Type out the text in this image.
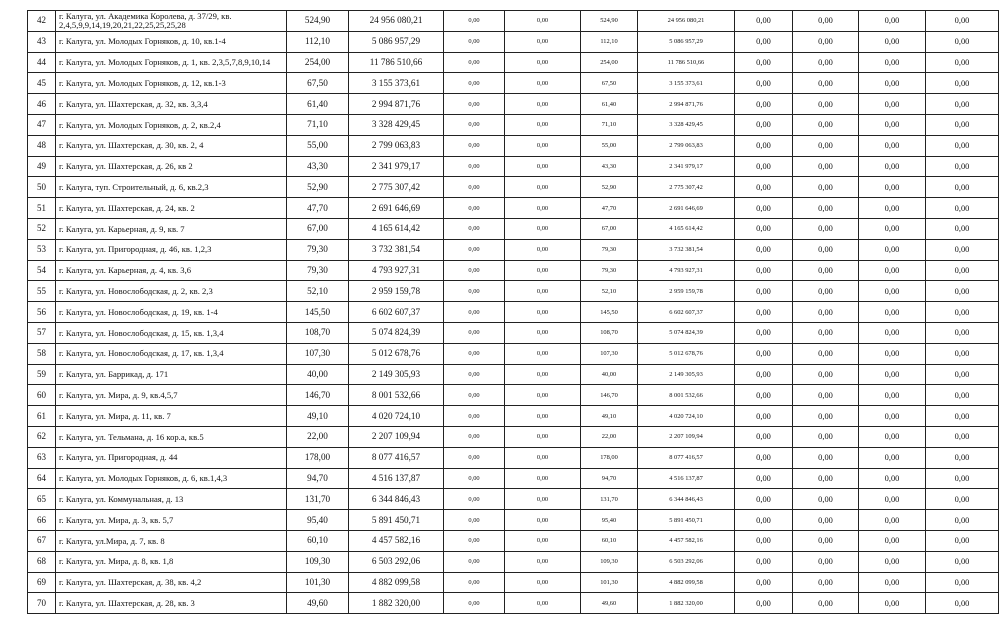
42	г. Калуга, ул. Академика Королева, д. 37/29, кв. 2,4,5,9,9,14,19,20,21,22,25,25,25,28	524,90	24 956 080,21	0,00	0,00	524,90	24 956 080,21	0,00	0,00	0,00	0,00
43	г. Калуга, ул. Молодых Горняков, д. 10, кв.1-4	112,10	5 086 957,29	0,00	0,00	112,10	5 086 957,29	0,00	0,00	0,00	0,00
44	г. Калуга, ул. Молодых Горняков, д. 1, кв. 2,3,5,7,8,9,10,14	254,00	11 786 510,66	0,00	0,00	254,00	11 786 510,66	0,00	0,00	0,00	0,00
45	г. Калуга, ул. Молодых Горняков, д. 12, кв.1-3	67,50	3 155 373,61	0,00	0,00	67,50	3 155 373,61	0,00	0,00	0,00	0,00
46	г. Калуга, ул. Шахтерская, д. 32, кв. 3,3,4	61,40	2 994 871,76	0,00	0,00	61,40	2 994 871,76	0,00	0,00	0,00	0,00
47	г. Калуга, ул. Молодых Горняков, д. 2, кв.2,4	71,10	3 328 429,45	0,00	0,00	71,10	3 328 429,45	0,00	0,00	0,00	0,00
48	г. Калуга, ул. Шахтерская, д. 30, кв. 2, 4	55,00	2 799 063,83	0,00	0,00	55,00	2 799 063,83	0,00	0,00	0,00	0,00
49	г. Калуга, ул. Шахтерская, д. 26, кв 2	43,30	2 341 979,17	0,00	0,00	43,30	2 341 979,17	0,00	0,00	0,00	0,00
50	г. Калуга, туп. Строительный, д. 6, кв.2,3	52,90	2 775 307,42	0,00	0,00	52,90	2 775 307,42	0,00	0,00	0,00	0,00
51	г. Калуга, ул. Шахтерская, д. 24, кв. 2	47,70	2 691 646,69	0,00	0,00	47,70	2 691 646,69	0,00	0,00	0,00	0,00
52	г. Калуга, ул. Карьерная, д. 9, кв. 7	67,00	4 165 614,42	0,00	0,00	67,00	4 165 614,42	0,00	0,00	0,00	0,00
53	г. Калуга, ул. Пригородная, д. 46, кв. 1,2,3	79,30	3 732 381,54	0,00	0,00	79,30	3 732 381,54	0,00	0,00	0,00	0,00
54	г. Калуга, ул. Карьерная, д. 4, кв. 3,6	79,30	4 793 927,31	0,00	0,00	79,30	4 793 927,31	0,00	0,00	0,00	0,00
55	г. Калуга, ул. Новослободская, д. 2, кв. 2,3	52,10	2 959 159,78	0,00	0,00	52,10	2 959 159,78	0,00	0,00	0,00	0,00
56	г. Калуга, ул. Новослободская, д. 19, кв. 1-4	145,50	6 602 607,37	0,00	0,00	145,50	6 602 607,37	0,00	0,00	0,00	0,00
57	г. Калуга, ул. Новослободская, д. 15, кв. 1,3,4	108,70	5 074 824,39	0,00	0,00	108,70	5 074 824,39	0,00	0,00	0,00	0,00
58	г. Калуга, ул. Новослободская, д. 17, кв. 1,3,4	107,30	5 012 678,76	0,00	0,00	107,30	5 012 678,76	0,00	0,00	0,00	0,00
59	г. Калуга, ул. Баррикад, д. 171	40,00	2 149 305,93	0,00	0,00	40,00	2 149 305,93	0,00	0,00	0,00	0,00
60	г. Калуга, ул. Мира, д. 9, кв.4,5,7	146,70	8 001 532,66	0,00	0,00	146,70	8 001 532,66	0,00	0,00	0,00	0,00
61	г. Калуга, ул. Мира, д. 11, кв. 7	49,10	4 020 724,10	0,00	0,00	49,10	4 020 724,10	0,00	0,00	0,00	0,00
62	г. Калуга, ул. Тельмана, д. 16 кор.а, кв.5	22,00	2 207 109,94	0,00	0,00	22,00	2 207 109,94	0,00	0,00	0,00	0,00
63	г. Калуга, ул. Пригородная, д. 44	178,00	8 077 416,57	0,00	0,00	178,00	8 077 416,57	0,00	0,00	0,00	0,00
64	г. Калуга, ул. Молодых Горняков, д. 6, кв.1,4,3	94,70	4 516 137,87	0,00	0,00	94,70	4 516 137,87	0,00	0,00	0,00	0,00
65	г. Калуга, ул. Коммунальная, д. 13	131,70	6 344 846,43	0,00	0,00	131,70	6 344 846,43	0,00	0,00	0,00	0,00
66	г. Калуга, ул. Мира, д. 3, кв. 5,7	95,40	5 891 450,71	0,00	0,00	95,40	5 891 450,71	0,00	0,00	0,00	0,00
67	г. Калуга, ул.Мира, д. 7, кв. 8	60,10	4 457 582,16	0,00	0,00	60,10	4 457 582,16	0,00	0,00	0,00	0,00
68	г. Калуга, ул. Мира, д. 8, кв. 1,8	109,30	6 503 292,06	0,00	0,00	109,30	6 503 292,06	0,00	0,00	0,00	0,00
69	г. Калуга, ул. Шахтерская, д. 38, кв. 4,2	101,30	4 882 099,58	0,00	0,00	101,30	4 882 099,58	0,00	0,00	0,00	0,00
70	г. Калуга, ул. Шахтерская, д. 28, кв. 3	49,60	1 882 320,00	0,00	0,00	49,60	1 882 320,00	0,00	0,00	0,00	0,00
